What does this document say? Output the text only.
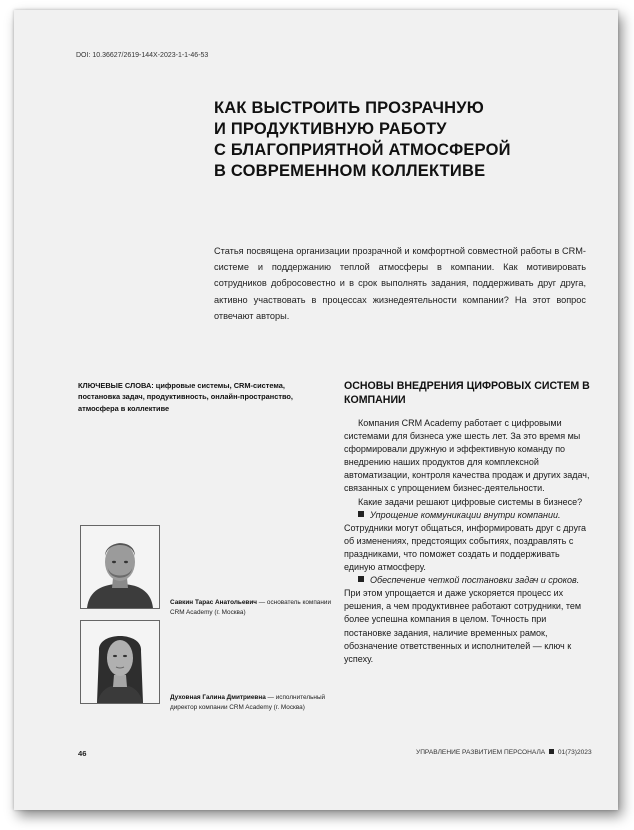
DOI: 10.36627/2619-144X-2023-1-1-46-53
КАК ВЫСТРОИТЬ ПРОЗРАЧНУЮ
И ПРОДУКТИВНУЮ РАБОТУ
С БЛАГОПРИЯТНОЙ АТМОСФЕРОЙ
В СОВРЕМЕННОМ КОЛЛЕКТИВЕ
Статья посвящена организации прозрачной и комфортной совместной работы в CRM-системе и поддержанию теплой атмосферы в компании. Как мотивировать сотрудников добросовестно и в срок выполнять задания, поддерживать друг друга, активно участвовать в процессах жизнедеятельности компании? На этот вопрос отвечают авторы.
КЛЮЧЕВЫЕ СЛОВА: цифровые системы, CRM-система, постановка задач, продуктивность, онлайн-пространство, атмосфера в коллективе
ОСНОВЫ ВНЕДРЕНИЯ ЦИФРОВЫХ СИСТЕМ В КОМПАНИИ

Компания CRM Academy работает с цифровыми системами для бизнеса уже шесть лет. За это время мы сформировали дружную и эффективную команду по внедрению наших продуктов для комплексной автоматизации, контроля качества продаж и других задач, связанных с упрощением бизнес-деятельности.

Какие задачи решают цифровые системы в бизнесе?

Упрощение коммуникации внутри компании. Сотрудники могут общаться, информировать друг с друга об изменениях, предстоящих событиях, поздравлять с праздниками, что поможет создать и поддерживать единую атмосферу.

Обеспечение четкой постановки задач и сроков. При этом упрощается и даже ускоряется процесс их решения, а чем продуктивнее работают сотрудники, тем более успешна компания в целом. Точность при постановке задания, наличие временных рамок, обозначение ответственных и исполнителей — ключ к успеху.

Савкин Тарас Анатольевич — основатель компании CRM Academy (г. Москва)
Духовная Галина Дмитриевна — исполнительный директор компании CRM Academy (г. Москва)
46	УПРАВЛЕНИЕ РАЗВИТИЕМ ПЕРСОНАЛА 01(73)2023
